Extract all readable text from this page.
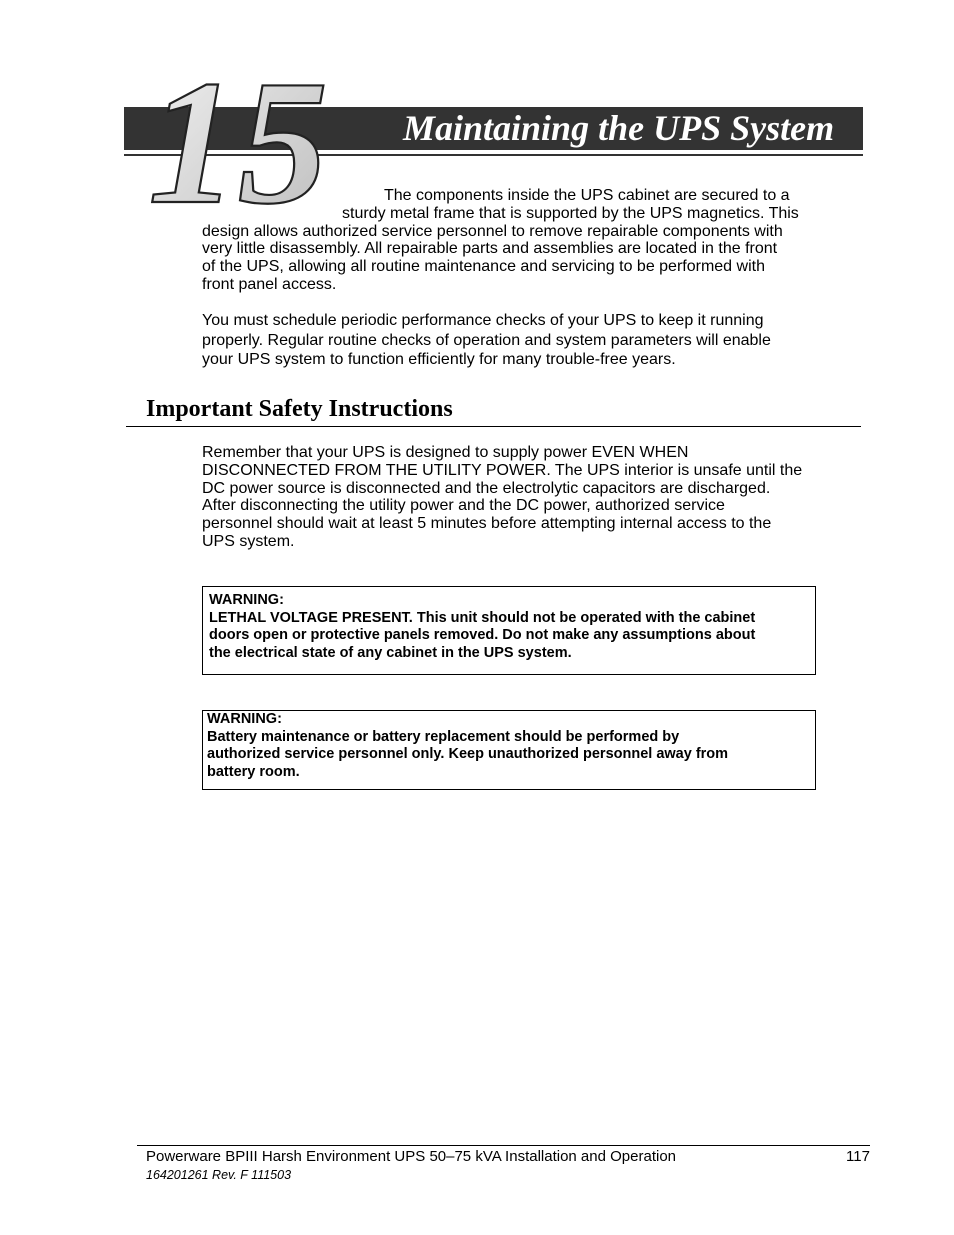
15 Maintaining the UPS System
The components inside the UPS cabinet are secured to a
sturdy metal frame that is supported by the UPS magnetics. This
design allows authorized service personnel to remove repairable components with
very little disassembly. All repairable parts and assemblies are located in the front
of the UPS, allowing all routine maintenance and servicing to be performed with
front panel access.
You must schedule periodic performance checks of your UPS to keep it running
properly. Regular routine checks of operation and system parameters will enable
your UPS system to function efficiently for many trouble-free years.
Important Safety Instructions
Remember that your UPS is designed to supply power EVEN WHEN
DISCONNECTED FROM THE UTILITY POWER. The UPS interior is unsafe until the
DC power source is disconnected and the electrolytic capacitors are discharged.
After disconnecting the utility power and the DC power, authorized service
personnel should wait at least 5 minutes before attempting internal access to the
UPS system.
WARNING:
LETHAL VOLTAGE PRESENT. This unit should not be operated with the cabinet
doors open or protective panels removed. Do not make any assumptions about
the electrical state of any cabinet in the UPS system.
WARNING:
Battery maintenance or battery replacement should be performed by
authorized service personnel only. Keep unauthorized personnel away from
battery room.
Powerware BPIII Harsh Environment UPS 50–75 kVA Installation and Operation	117
164201261 Rev. F 111503
